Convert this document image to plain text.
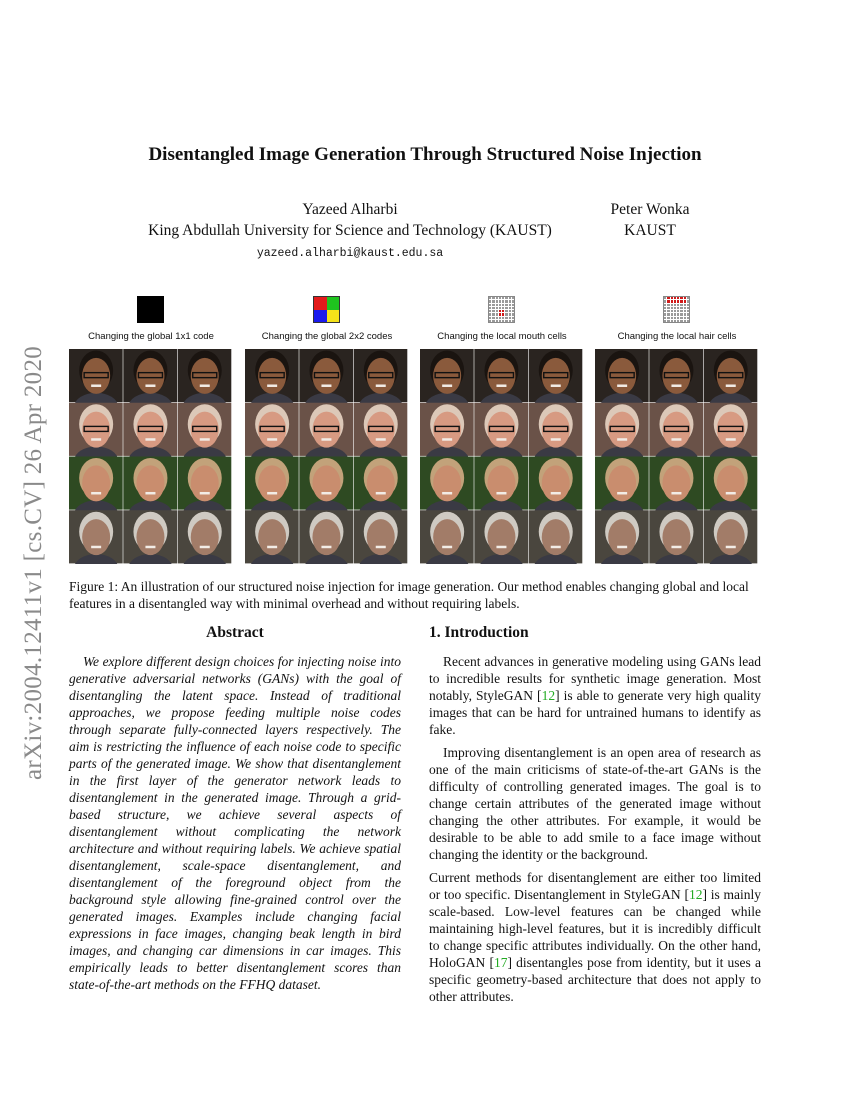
arXiv:2004.12411v1 [cs.CV] 26 Apr 2020
Disentangled Image Generation Through Structured Noise Injection
Yazeed Alharbi
King Abdullah University for Science and Technology (KAUST)
yazeed.alharbi@kaust.edu.sa
Peter Wonka
KAUST
Changing the global 1x1 code	Changing the global 2x2 codes	Changing the local mouth cells	Changing the local hair cells
Figure 1: An illustration of our structured noise injection for image generation. Our method enables changing global and local features in a disentangled way with minimal overhead and without requiring labels.
Abstract

We explore different design choices for injecting noise into generative adversarial networks (GANs) with the goal of disentangling the latent space. Instead of traditional approaches, we propose feeding multiple noise codes through separate fully-connected layers respectively. The aim is restricting the influence of each noise code to specific parts of the generated image. We show that disentanglement in the first layer of the generator network leads to disentanglement in the generated image. Through a grid-based structure, we achieve several aspects of disentanglement without complicating the network architecture and without requiring labels. We achieve spatial disentanglement, scale-space disentanglement, and disentanglement of the foreground object from the background style allowing fine-grained control over the generated images. Examples include changing facial expressions in face images, changing beak length in bird images, and changing car dimensions in car images. This empirically leads to better disentanglement scores than state-of-the-art methods on the FFHQ dataset.

1. Introduction

Recent advances in generative modeling using GANs lead to incredible results for synthetic image generation. Most notably, StyleGAN [12] is able to generate very high quality images that can be hard for untrained humans to identify as fake.

Improving disentanglement is an open area of research as one of the main criticisms of state-of-the-art GANs is the difficulty of controlling generated images. The goal is to change certain attributes of the generated image without changing the other attributes. For example, it would be desirable to be able to add smile to a face image without changing the identity or the background.

Current methods for disentanglement are either too limited or too specific. Disentanglement in StyleGAN [12] is mainly scale-based. Low-level features can be changed while maintaining high-level features, but it is incredibly difficult to change specific attributes individually. On the other hand, HoloGAN [17] disentangles pose from identity, but it uses a specific geometry-based architecture that does not apply to other attributes.
